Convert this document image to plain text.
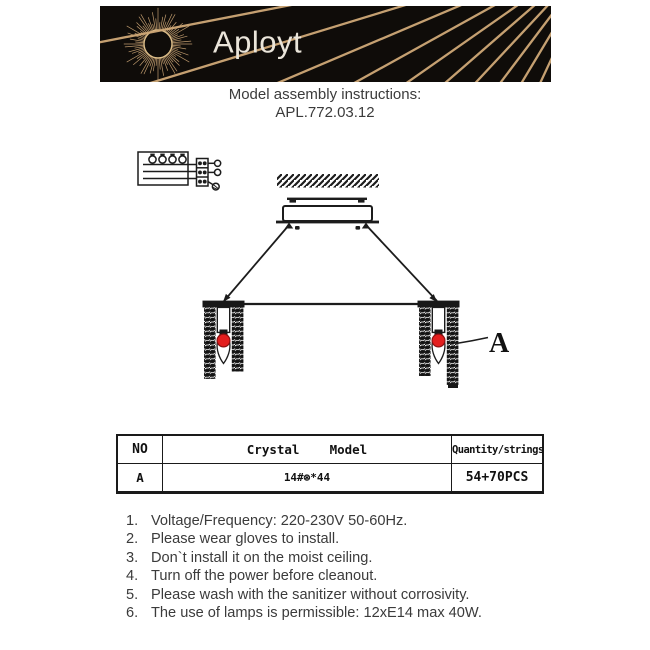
Aployt
Model assembly instructions:
APL.772.03.12
A
NO	Crystal    Model	Quantity/strings
A	14#⊛*44	54+70PCS
1. Voltage/Frequency: 220-230V 50-60Hz.
2. Please wear gloves to install.
3. Don`t install it on the moist ceiling.
4. Turn off the power before cleanout.
5. Please wash with the sanitizer without corrosivity.
6. The use of lamps is permissible: 12xE14 max 40W.
